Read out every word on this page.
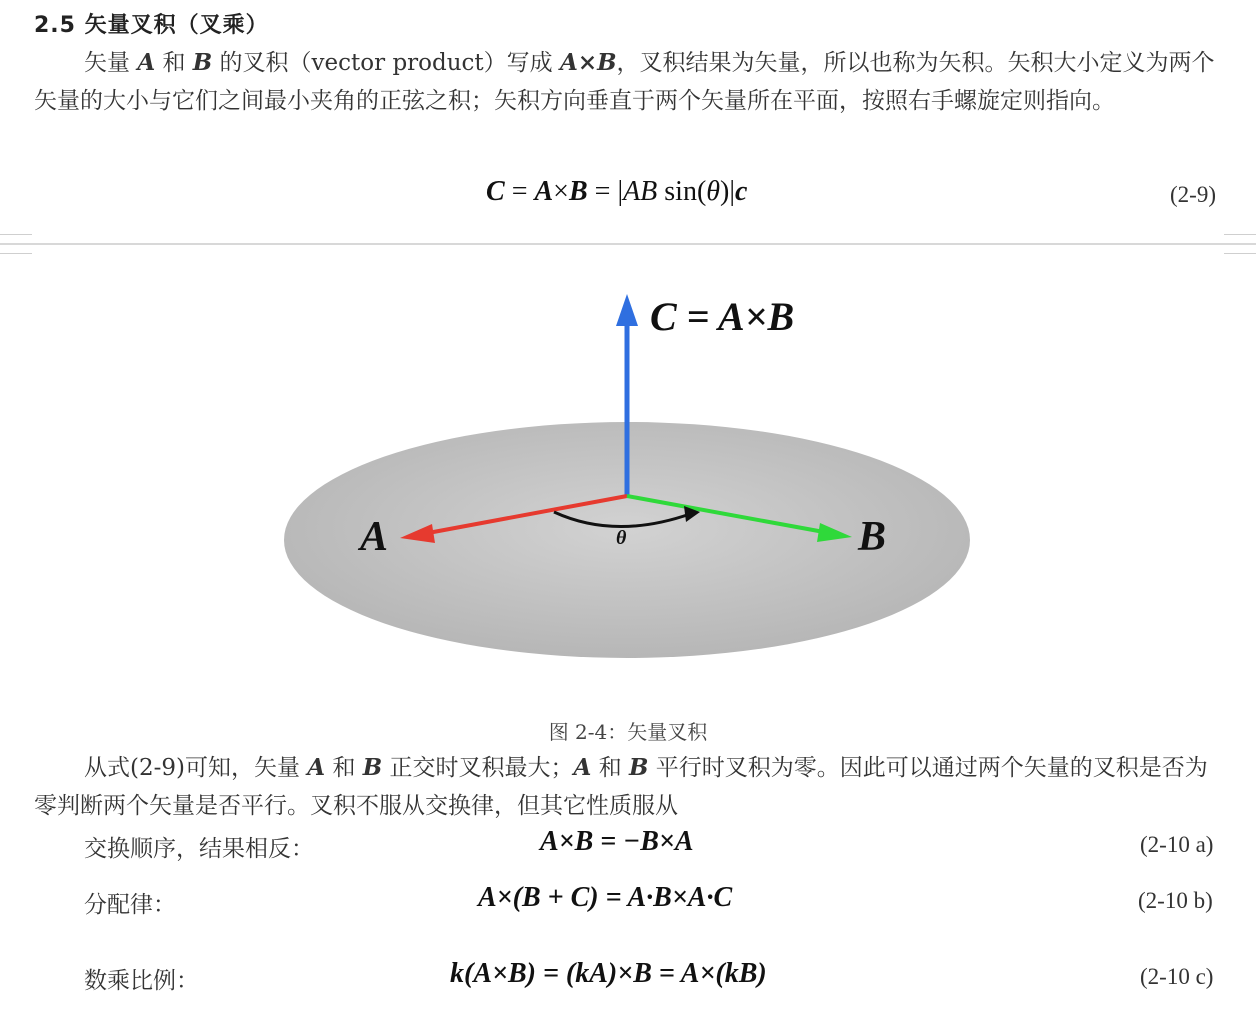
2.5 矢量叉积（叉乘）

矢量 A 和 B 的叉积（vector product）写成 A×B，叉积结果为矢量，所以也称为矢积。矢积大小定义为两个矢量的大小与它们之间最小夹角的正弦之积；矢积方向垂直于两个矢量所在平面，按照右手螺旋定则指向。

C = A×B = |AB sin(θ)|c	(2-9)
C = A×B
A	B
θ
图 2-4：矢量叉积

从式(2-9)可知，矢量 A 和 B 正交时叉积最大；A 和 B 平行时叉积为零。因此可以通过两个矢量的叉积是否为零判断两个矢量是否平行。叉积不服从交换律，但其它性质服从

交换顺序，结果相反：	A×B = −B×A	(2-10 a)
分配律：	A×(B + C) = A·B×A·C	(2-10 b)
数乘比例：	k(A×B) = (kA)×B = A×(kB)	(2-10 c)
